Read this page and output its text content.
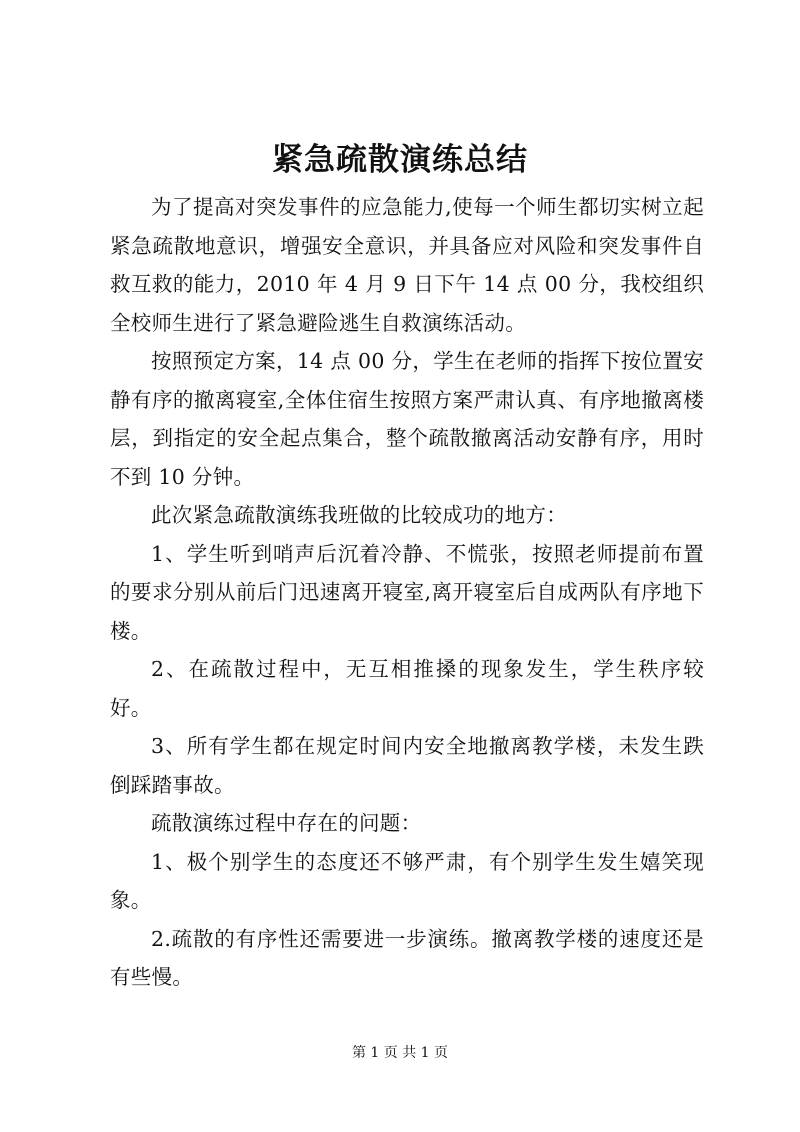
紧急疏散演练总结

为了提高对突发事件的应急能力,使每一个师生都切实树立起紧急疏散地意识，增强安全意识，并具备应对风险和突发事件自救互救的能力，2010 年 4 月 9 日下午 14 点 00 分，我校组织全校师生进行了紧急避险逃生自救演练活动。

按照预定方案，14 点 00 分，学生在老师的指挥下按位置安静有序的撤离寝室,全体住宿生按照方案严肃认真、有序地撤离楼层，到指定的安全起点集合，整个疏散撤离活动安静有序，用时不到 10 分钟。

此次紧急疏散演练我班做的比较成功的地方：

1、学生听到哨声后沉着冷静、不慌张，按照老师提前布置的要求分别从前后门迅速离开寝室,离开寝室后自成两队有序地下楼。

2、在疏散过程中，无互相推搡的现象发生，学生秩序较好。

3、所有学生都在规定时间内安全地撤离教学楼，未发生跌倒踩踏事故。

疏散演练过程中存在的问题：

1、极个别学生的态度还不够严肃，有个别学生发生嬉笑现象。

2.疏散的有序性还需要进一步演练。撤离教学楼的速度还是有些慢。

第 1 页 共 1 页
